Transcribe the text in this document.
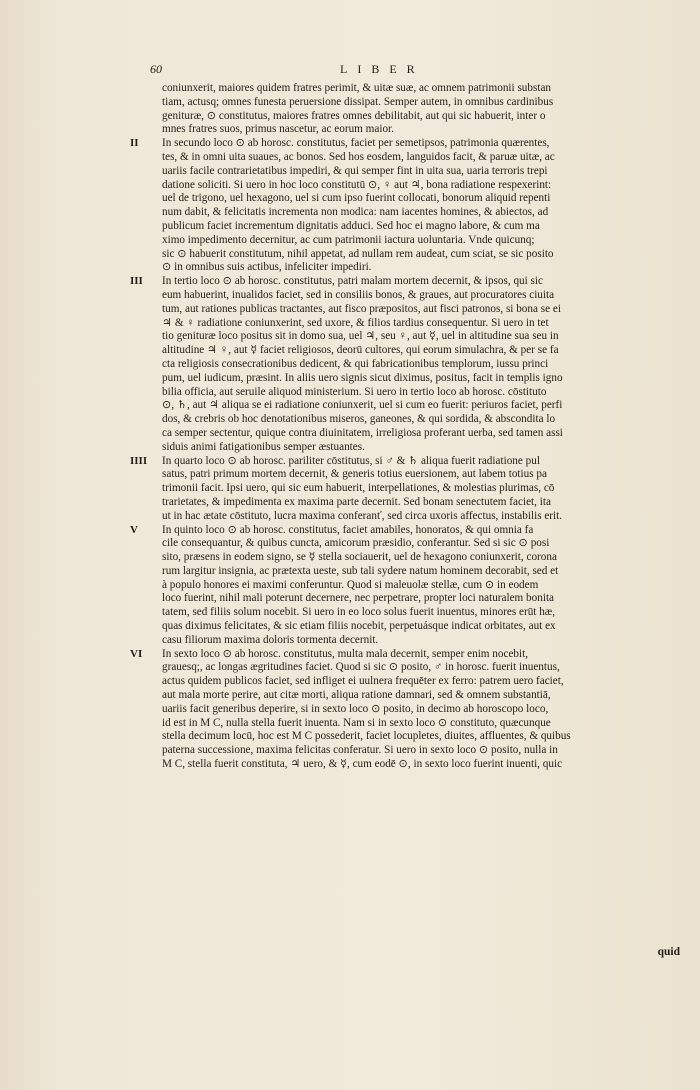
60	LIBER
coniunxerit, maiores quidem fratres perimit, & uitæ suæ, ac omnem patrimonii substan
tiam, actusq; omnes funesta peruersione dissipat. Semper autem, in omnibus cardinibus
genituræ, ⊙ constitutus, maiores fratres omnes debilitabit, aut qui sic habuerit, inter o
mnes fratres suos, primus nascetur, ac eorum maior.
II	In secundo loco ⊙ ab horosc. constitutus, faciet per semetipsos, patrimonia quærentes,
tes, & in omni uita suaues, ac bonos. Sed hos eosdem, languidos facit, & paruæ uitæ, ac
uariis facile contrarietatibus impediri, & qui semper fint in uita sua, uaria terroris trepi
datione soliciti. Si uero in hoc loco constitutū ⊙, ♀ aut ♃, bona radiatione respexerint:
uel de trigono, uel hexagono, uel si cum ipso fuerint collocati, bonorum aliquid repenti
num dabit, & felicitatis incrementa non modica: nam iacentes homines, & abiectos, ad
publicum faciet incrementum dignitatis adduci. Sed hoc ei magno labore, & cum ma
ximo impedimento decernitur, ac cum patrimonii iactura uoluntaria. Vnde quicunq;
sic ⊙ habuerit constitutum, nihil appetat, ad nullam rem audeat, cum sciat, se sic posito
⊙ in omnibus suis actibus, infeliciter impediri.
III	In tertio loco ⊙ ab horosc. constitutus, patri malam mortem decernit, & ipsos, qui sic
eum habuerint, inualidos faciet, sed in consiliis bonos, & graues, aut procuratores ciuita
tum, aut rationes publicas tractantes, aut fisco præpositos, aut fisci patronos, si bona se ei
♃ & ♀ radiatione coniunxerint, sed uxore, & filios tardius consequentur. Si uero in tet
tio genituræ loco positus sit in domo sua, uel ♃, seu ♀, aut ☿, uel in altitudine sua seu in
altitudine ♃ ♀, aut ☿ faciet religiosos, deorū cultores, qui eorum simulachra, & per se fa
cta religiosis consecrationibus dedicent, & qui fabricationibus templorum, iussu princi
pum, uel iudicum, præsint. In aliis uero signis sicut diximus, positus, facit in templis igno
bilia officia, aut seruile aliquod ministerium. Si uero in tertio loco ab horosc. cōstituto
⊙, ♄, aut ♃ aliqua se ei radiatione coniunxerit, uel si cum eo fuerit: periuros faciet, perfi
dos, & crebris ob hoc denotationibus miseros, ganeones, & qui sordida, & abscondita lo
ca semper sectentur, quique contra diuinitatem, irreligiosa proferant uerba, sed tamen assi
siduis animi fatigationibus semper æstuantes.
IIII	In quarto loco ⊙ ab horosc. pariliter cōstitutus, si ♂ & ♄ aliqua fuerit radiatione pul
satus, patri primum mortem decernit, & generis totius euersionem, aut labem totius pa
trimonii facit. Ipsi uero, qui sic eum habuerit, interpellationes, & molestias plurimas, cō
trarietates, & impedimenta ex maxima parte decernit. Sed bonam senectutem faciet, ita
ut in hac ætate cōstituto, lucra maxima conferanť, sed circa uxoris affectus, instabilis erit.
V	In quinto loco ⊙ ab horosc. constitutus, faciet amabiles, honoratos, & qui omnia fa
cile consequantur, & quibus cuncta, amicorum præsidio, conferantur. Sed si sic ⊙ posi
sito, præsens in eodem signo, se ☿ stella sociauerit, uel de hexagono coniunxerit, corona
rum largitur insignia, ac prætexta ueste, sub tali sydere natum hominem decorabit, sed et
à populo honores ei maximi conferuntur. Quod si maleuolæ stellæ, cum ⊙ in eodem
loco fuerint, nihil mali poterunt decernere, nec perpetrare, propter loci naturalem bonita
tatem, sed filiis solum nocebit. Si uero in eo loco solus fuerit inuentus, minores erūt hæ,
quas diximus felicitates, & sic etiam filiis nocebit, perpetuásque indicat orbitates, aut ex
casu filiorum maxima doloris tormenta decernit.
VI	In sexto loco ⊙ ab horosc. constitutus, multa mala decernit, semper enim nocebit,
grauesq;, ac longas ægritudines faciet. Quod si sic ⊙ posito, ♂ in horosc. fuerit inuentus,
actus quidem publicos faciet, sed infliget ei uulnera frequēter ex ferro: patrem uero faciet,
aut mala morte perire, aut citæ morti, aliqua ratione damnari, sed & omnem substantiā,
uariis facit generibus deperire, si in sexto loco ⊙ posito, in decimo ab horoscopo loco,
id est in M C, nulla stella fuerit inuenta. Nam si in sexto loco ⊙ constituto, quæcunque
stella decimum locū, hoc est M C possederit, faciet locupletes, diuites, affluentes, & quibus
paterna successione, maxima felicitas conferatur. Si uero in sexto loco ⊙ posito, nulla in
M C, stella fuerit constituta, ♃ uero, & ☿, cum eodē ⊙, in sexto loco fuerint inuenti, quic
quid
